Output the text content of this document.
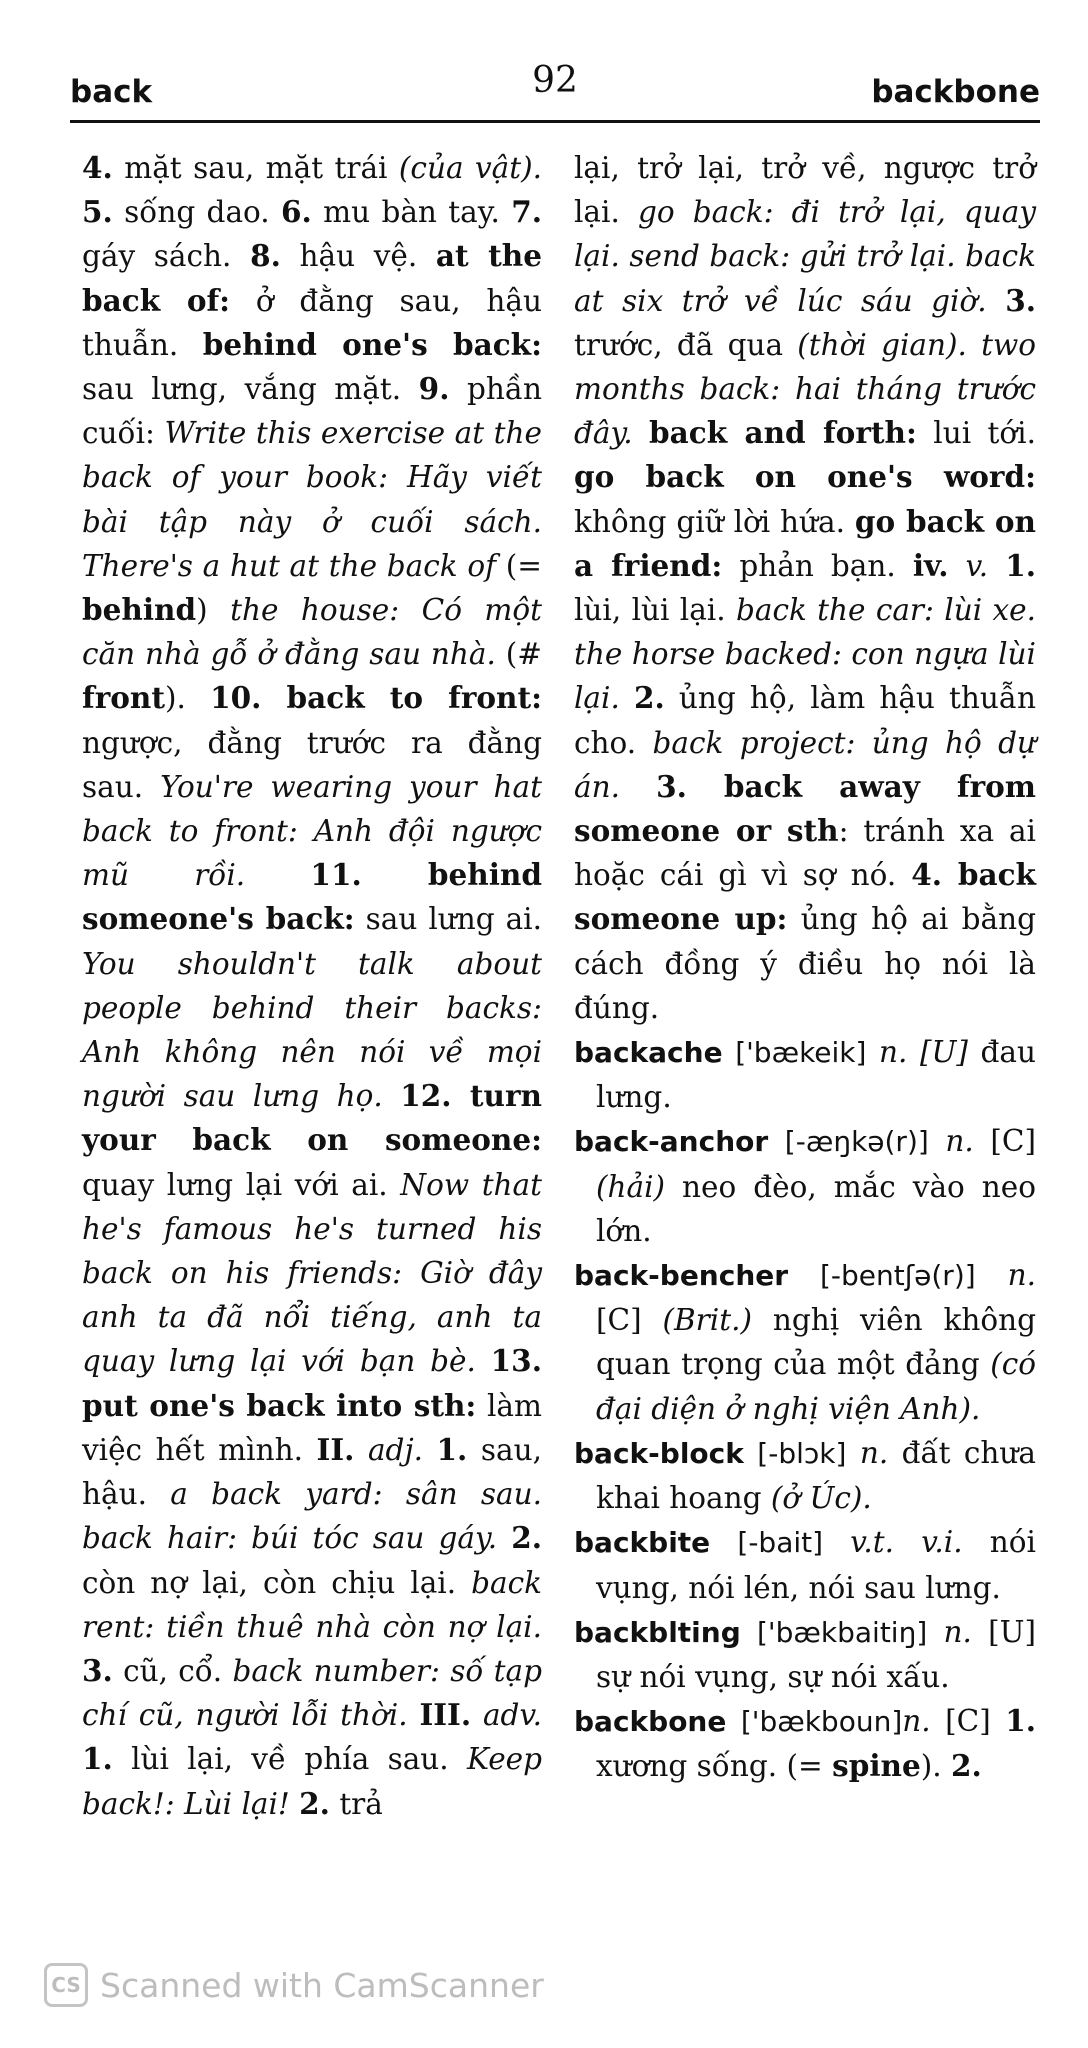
back	92	backbone

4. mặt sau, mặt trái (của vật). 5. sống dao. 6. mu bàn tay. 7. gáy sách. 8. hậu vệ. at the back of: ở đằng sau, hậu thuẫn. behind one's back: sau lưng, vắng mặt. 9. phần cuối: Write this exercise at the back of your book: Hãy viết bài tập này ở cuối sách. There's a hut at the back of (= behind) the house: Có một căn nhà gỗ ở đằng sau nhà. (# front). 10. back to front: ngược, đằng trước ra đằng sau. You're wearing your hat back to front: Anh đội ngược mũ rồi. 11. behind someone's back: sau lưng ai. You shouldn't talk about people behind their backs: Anh không nên nói về mọi người sau lưng họ. 12. turn your back on someone: quay lưng lại với ai. Now that he's famous he's turned his back on his friends: Giờ đây anh ta đã nổi tiếng, anh ta quay lưng lại với bạn bè. 13. put one's back into sth: làm việc hết mình. II. adj. 1. sau, hậu. a back yard: sân sau. back hair: búi tóc sau gáy. 2. còn nợ lại, còn chịu lại. back rent: tiền thuê nhà còn nợ lại. 3. cũ, cổ. back number: số tạp chí cũ, người lỗi thời. III. adv. 1. lùi lại, về phía sau. Keep back!: Lùi lại! 2. trả

lại, trở lại, trở về, ngược trở lại. go back: đi trở lại, quay lại. send back: gửi trở lại. back at six trở về lúc sáu giờ. 3. trước, đã qua (thời gian). two months back: hai tháng trước đây. back and forth: lui tới. go back on one's word: không giữ lời hứa. go back on a friend: phản bạn. iv. v. 1. lùi, lùi lại. back the car: lùi xe. the horse backed: con ngựa lùi lại. 2. ủng hộ, làm hậu thuẫn cho. back project: ủng hộ dự án. 3. back away from someone or sth: tránh xa ai hoặc cái gì vì sợ nó. 4. back someone up: ủng hộ ai bằng cách đồng ý điều họ nói là đúng.

backache ['bækeik] n. [U] đau lưng.

back-anchor [-æŋkə(r)] n. [C] (hải) neo đèo, mắc vào neo lớn.

back-bencher [-bentʃə(r)] n. [C] (Brit.) nghị viên không quan trọng của một đảng (có đại diện ở nghị viện Anh).

back-block [-blɔk] n. đất chưa khai hoang (ở Úc).

backbite [-bait] v.t. v.i. nói vụng, nói lén, nói sau lưng.

backblting ['bækbaitiŋ] n. [U] sự nói vụng, sự nói xấu.

backbone ['bækboun]n. [C] 1. xương sống. (= spine). 2.

CS Scanned with CamScanner
